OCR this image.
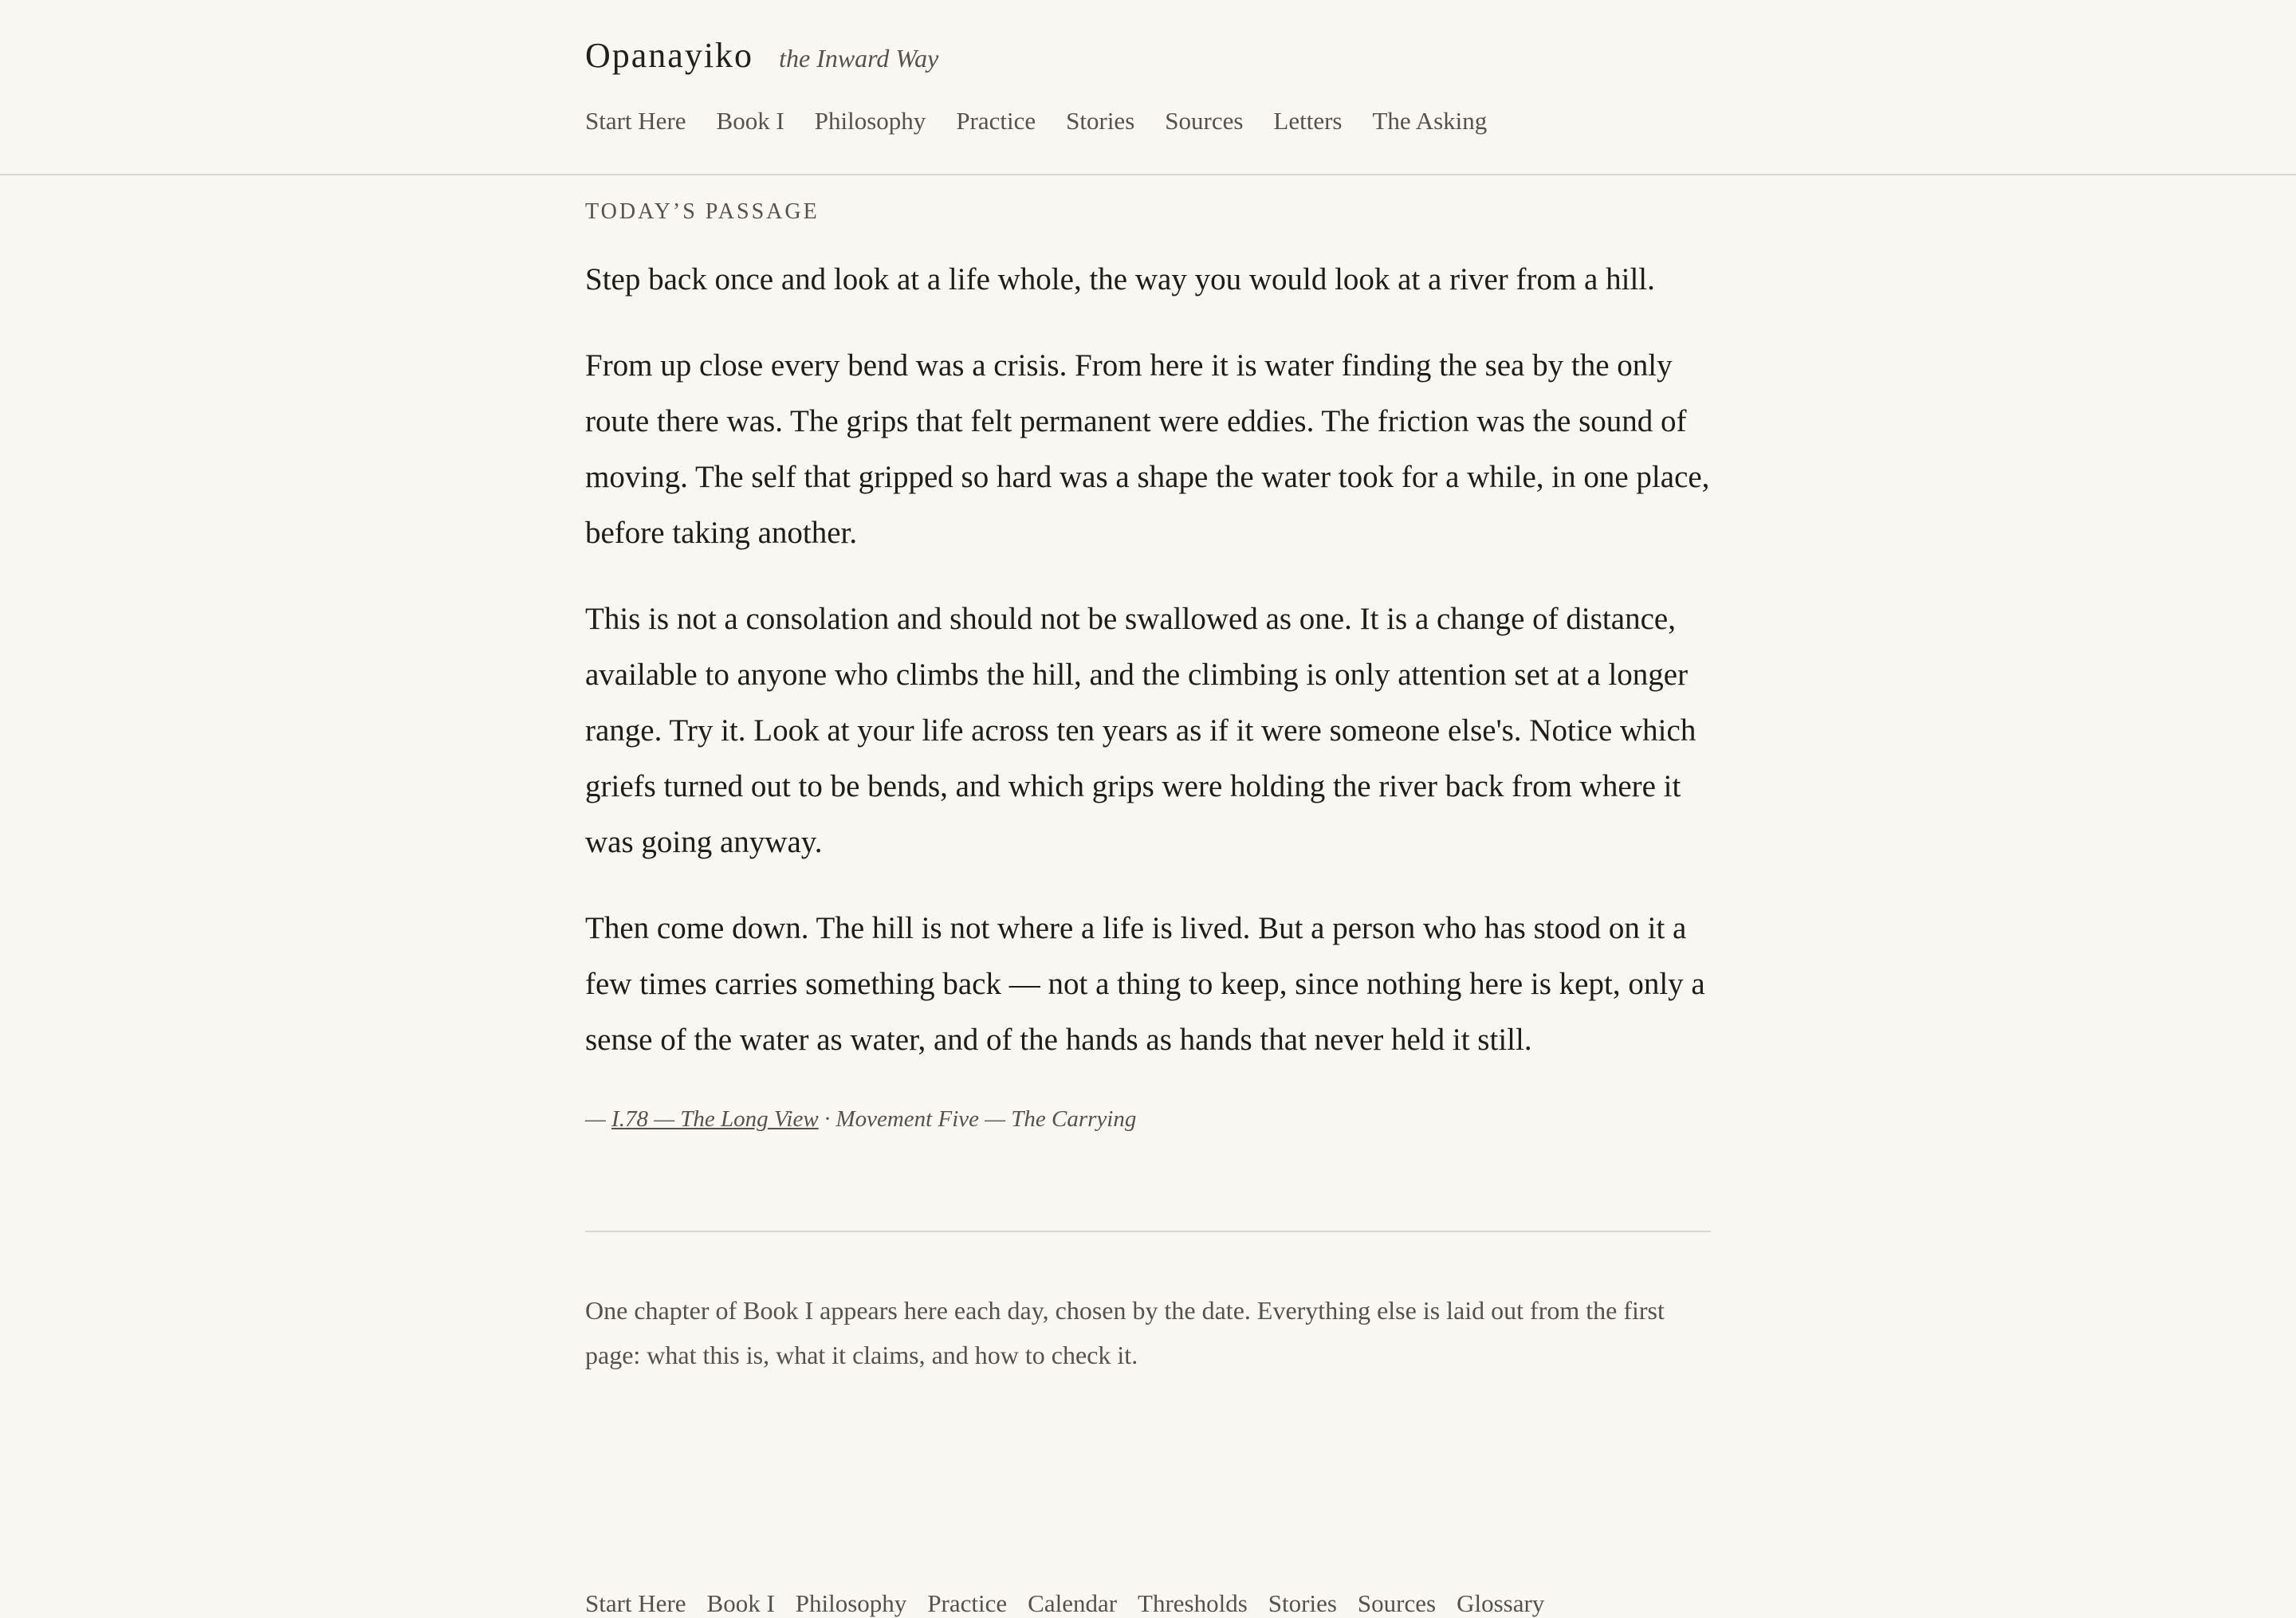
Opanayiko the Inward Way
Start Here Book I Philosophy Practice Stories Sources Letters The Asking
TODAY’S PASSAGE

Step back once and look at a life whole, the way you would look at a river from a hill.

From up close every bend was a crisis. From here it is water finding the sea by the only route there was. The grips that felt permanent were eddies. The friction was the sound of moving. The self that gripped so hard was a shape the water took for a while, in one place, before taking another.

This is not a consolation and should not be swallowed as one. It is a change of distance, available to anyone who climbs the hill, and the climbing is only attention set at a longer range. Try it. Look at your life across ten years as if it were someone else's. Notice which griefs turned out to be bends, and which grips were holding the river back from where it was going anyway.

Then come down. The hill is not where a life is lived. But a person who has stood on it a few times carries something back — not a thing to keep, since nothing here is kept, only a sense of the water as water, and of the hands as hands that never held it still.

— I.78 — The Long View · Movement Five — The Carrying

One chapter of Book I appears here each day, chosen by the date. Everything else is laid out from the first page: what this is, what it claims, and how to check it.

Start Here Book I Philosophy Practice Calendar Thresholds Stories Sources Glossary
